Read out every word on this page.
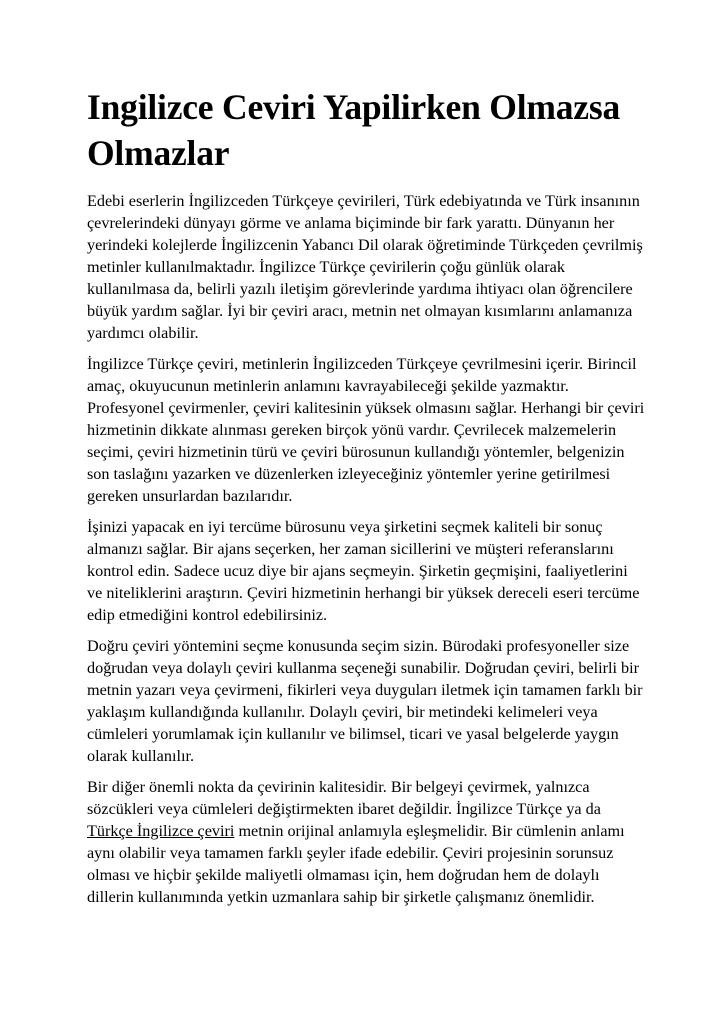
Ingilizce Ceviri Yapilirken Olmazsa Olmazlar

Edebi eserlerin İngilizceden Türkçeye çevirileri, Türk edebiyatında ve Türk insanının çevrelerindeki dünyayı görme ve anlama biçiminde bir fark yarattı. Dünyanın her yerindeki kolejlerde İngilizcenin Yabancı Dil olarak öğretiminde Türkçeden çevrilmiş metinler kullanılmaktadır. İngilizce Türkçe çevirilerin çoğu günlük olarak kullanılmasa da, belirli yazılı iletişim görevlerinde yardıma ihtiyacı olan öğrencilere büyük yardım sağlar. İyi bir çeviri aracı, metnin net olmayan kısımlarını anlamanıza yardımcı olabilir.

İngilizce Türkçe çeviri, metinlerin İngilizceden Türkçeye çevrilmesini içerir. Birincil amaç, okuyucunun metinlerin anlamını kavrayabileceği şekilde yazmaktır. Profesyonel çevirmenler, çeviri kalitesinin yüksek olmasını sağlar. Herhangi bir çeviri hizmetinin dikkate alınması gereken birçok yönü vardır. Çevrilecek malzemelerin seçimi, çeviri hizmetinin türü ve çeviri bürosunun kullandığı yöntemler, belgenizin son taslağını yazarken ve düzenlerken izleyeceğiniz yöntemler yerine getirilmesi gereken unsurlardan bazılarıdır.

İşinizi yapacak en iyi tercüme bürosunu veya şirketini seçmek kaliteli bir sonuç almanızı sağlar. Bir ajans seçerken, her zaman sicillerini ve müşteri referanslarını kontrol edin. Sadece ucuz diye bir ajans seçmeyin. Şirketin geçmişini, faaliyetlerini ve niteliklerini araştırın. Çeviri hizmetinin herhangi bir yüksek dereceli eseri tercüme edip etmediğini kontrol edebilirsiniz.

Doğru çeviri yöntemini seçme konusunda seçim sizin. Bürodaki profesyoneller size doğrudan veya dolaylı çeviri kullanma seçeneği sunabilir. Doğrudan çeviri, belirli bir metnin yazarı veya çevirmeni, fikirleri veya duyguları iletmek için tamamen farklı bir yaklaşım kullandığında kullanılır. Dolaylı çeviri, bir metindeki kelimeleri veya cümleleri yorumlamak için kullanılır ve bilimsel, ticari ve yasal belgelerde yaygın olarak kullanılır.

Bir diğer önemli nokta da çevirinin kalitesidir. Bir belgeyi çevirmek, yalnızca sözcükleri veya cümleleri değiştirmekten ibaret değildir. İngilizce Türkçe ya da Türkçe İngilizce çeviri metnin orijinal anlamıyla eşleşmelidir. Bir cümlenin anlamı aynı olabilir veya tamamen farklı şeyler ifade edebilir. Çeviri projesinin sorunsuz olması ve hiçbir şekilde maliyetli olmaması için, hem doğrudan hem de dolaylı dillerin kullanımında yetkin uzmanlara sahip bir şirketle çalışmanız önemlidir.
